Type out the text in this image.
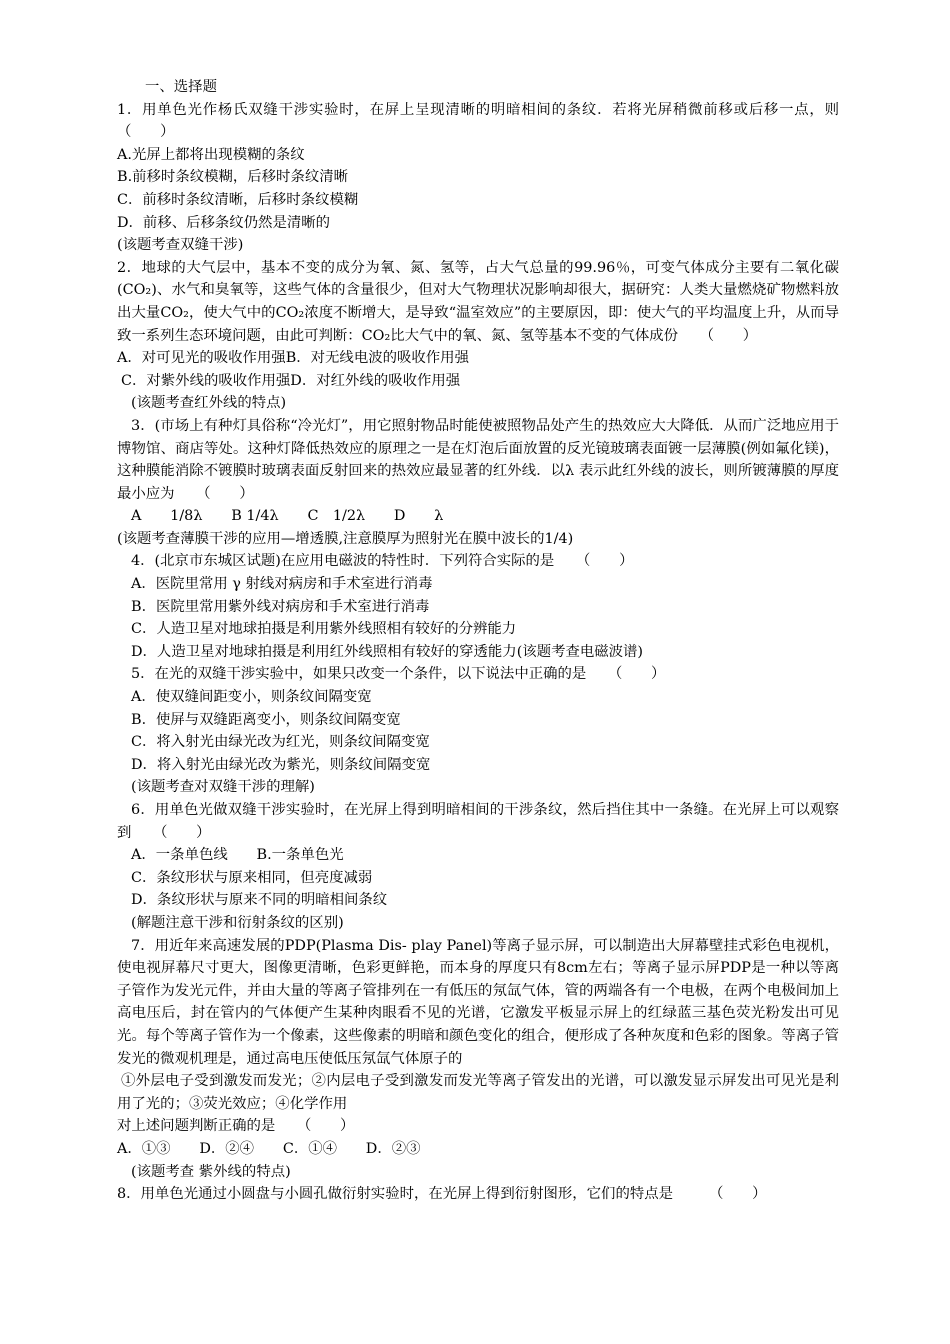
一、选择题
1．用单色光作杨氏双缝干涉实验时，在屏上呈现清晰的明暗相间的条纹．若将光屏稍微前移或后移一点，则　　（　　）
A.光屏上都将出现模糊的条纹
B.前移时条纹模糊，后移时条纹清晰
C．前移时条纹清晰，后移时条纹模糊
D．前移、后移条纹仍然是清晰的
(该题考查双缝干涉)
2．地球的大气层中，基本不变的成分为氧、氮、氢等，占大气总量的99.96％，可变气体成分主要有二氧化碳(CO₂)、水气和臭氧等，这些气体的含量很少，但对大气物理状况影响却很大，据研究：人类大量燃烧矿物燃料放出大量CO₂，使大气中的CO₂浓度不断增大，是导致“温室效应”的主要原因，即：使大气的平均温度上升，从而导致一系列生态环境问题，由此可判断：CO₂比大气中的氧、氮、氢等基本不变的气体成份　　（　　）
A．对可见光的吸收作用强B．对无线电波的吸收作用强
C．对紫外线的吸收作用强D．对红外线的吸收作用强
(该题考查红外线的特点)
3．(市场上有种灯具俗称“冷光灯”，用它照射物品时能使被照物品处产生的热效应大大降低．从而广泛地应用于博物馆、商店等处。这种灯降低热效应的原理之一是在灯泡后面放置的反光镜玻璃表面镀一层薄膜(例如氟化镁)，这种膜能消除不镀膜时玻璃表面反射回来的热效应最显著的红外线．以λ 表示此红外线的波长，则所镀薄膜的厚度最小应为　　（　　）
A　　1/8λ　　B 1/4λ　　C　1/2λ　　D　　λ
(该题考查薄膜干涉的应用—增透膜,注意膜厚为照射光在膜中波长的1/4)
4．(北京市东城区试题)在应用电磁波的特性时．下列符合实际的是　　（　　）
A．医院里常用 γ 射线对病房和手术室进行消毒
B．医院里常用紫外线对病房和手术室进行消毒
C．人造卫星对地球拍摄是利用紫外线照相有较好的分辨能力
D．人造卫星对地球拍摄是利用红外线照相有较好的穿透能力(该题考查电磁波谱)
5．在光的双缝干涉实验中，如果只改变一个条件，以下说法中正确的是　　（　　）
A．使双缝间距变小，则条纹间隔变宽
B．使屏与双缝距离变小，则条纹间隔变宽
C．将入射光由绿光改为红光，则条纹间隔变宽
D．将入射光由绿光改为紫光，则条纹间隔变宽
(该题考查对双缝干涉的理解)
6．用单色光做双缝干涉实验时，在光屏上得到明暗相间的干涉条纹，然后挡住其中一条缝。在光屏上可以观察到　　（　　）
A．一条单色线　　B.一条单色光
C．条纹形状与原来相同，但亮度减弱
D．条纹形状与原来不同的明暗相间条纹
(解题注意干涉和衍射条纹的区别)
7．用近年来高速发展的PDP(Plasma Dis- play Panel)等离子显示屏，可以制造出大屏幕壁挂式彩色电视机，使电视屏幕尺寸更大，图像更清晰，色彩更鲜艳，而本身的厚度只有8cm左右；等离子显示屏PDP是一种以等离子管作为发光元件，并由大量的等离子管排列在一有低压的氖氙气体，管的两端各有一个电极，在两个电极间加上高电压后，封在管内的气体便产生某种肉眼看不见的光谱，它激发平板显示屏上的红绿蓝三基色荧光粉发出可见光。每个等离子管作为一个像素，这些像素的明暗和颜色变化的组合，便形成了各种灰度和色彩的图象。等离子管发光的微观机理是，通过高电压使低压氖氙气体原子的
①外层电子受到激发而发光；②内层电子受到激发而发光等离子管发出的光谱，可以激发显示屏发出可见光是利用了光的；③荧光效应；④化学作用
对上述问题判断正确的是　　（　　）
A．①③　　D．②④　　C．①④　　D．②③
(该题考查 紫外线的特点)
8．用单色光通过小圆盘与小圆孔做衍射实验时，在光屏上得到衍射图形，它们的特点是　　　（　　）
